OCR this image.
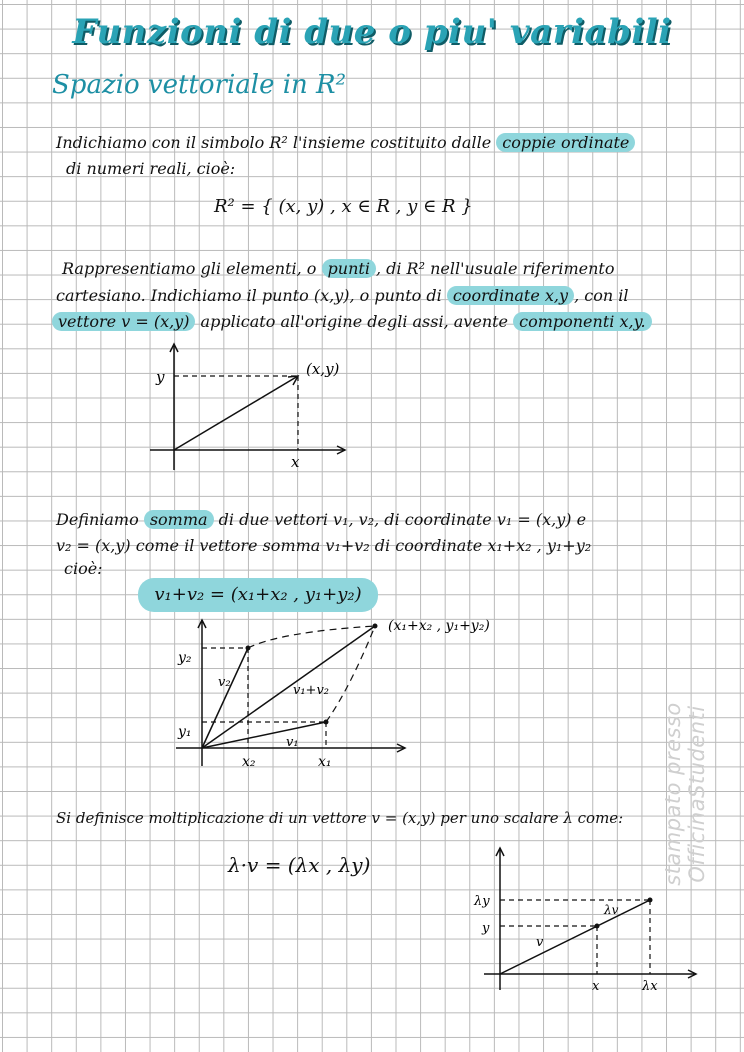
Funzioni di due o piu' variabili
Spazio vettoriale in R²
Indichiamo con il simbolo R² l'insieme costituito dalle coppie ordinate
di numeri reali, cioè:
R² = { (x, y) , x ∈ R , y ∈ R }
Rappresentiamo gli elementi, o punti , di R² nell'usuale riferimento
cartesiano. Indichiamo il punto (x,y), o punto di coordinate x,y , con il
vettore v = (x,y) applicato all'origine degli assi, avente componenti x,y.
(x,y)
y
x
Definiamo somma di due vettori v₁, v₂, di coordinate v₁ = (x,y) e
v₂ = (x,y) come il vettore somma v₁+v₂ di coordinate x₁+x₂ , y₁+y₂
cioè:
v₁+v₂ = (x₁+x₂ , y₁+y₂)
(x₁+x₂ , y₁+y₂)
y₂
y₁
x₂	x₁
v₂
v₁
v₁+v₂
Si definisce moltiplicazione di un vettore v = (x,y) per uno scalare λ come:
λ·v = (λx , λy)
λy
y
v
λv
x	λx
stampato presso OfficinaStudenti
